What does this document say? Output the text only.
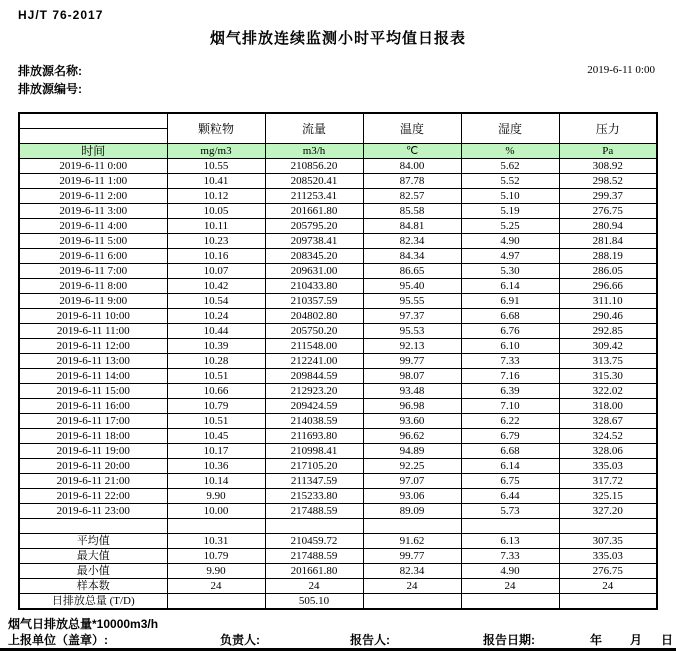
HJ/T 76-2017
烟气排放连续监测小时平均值日报表
排放源名称:
排放源编号:
2019-6-11 0:00
	颗粒物	流量	温度	湿度	压力

时间	mg/m3	m3/h	℃	%	Pa
2019-6-11 0:00	10.55	210856.20	84.00	5.62	308.92
2019-6-11 1:00	10.41	208520.41	87.78	5.52	298.52
2019-6-11 2:00	10.12	211253.41	82.57	5.10	299.37
2019-6-11 3:00	10.05	201661.80	85.58	5.19	276.75
2019-6-11 4:00	10.11	205795.20	84.81	5.25	280.94
2019-6-11 5:00	10.23	209738.41	82.34	4.90	281.84
2019-6-11 6:00	10.16	208345.20	84.34	4.97	288.19
2019-6-11 7:00	10.07	209631.00	86.65	5.30	286.05
2019-6-11 8:00	10.42	210433.80	95.40	6.14	296.66
2019-6-11 9:00	10.54	210357.59	95.55	6.91	311.10
2019-6-11 10:00	10.24	204802.80	97.37	6.68	290.46
2019-6-11 11:00	10.44	205750.20	95.53	6.76	292.85
2019-6-11 12:00	10.39	211548.00	92.13	6.10	309.42
2019-6-11 13:00	10.28	212241.00	99.77	7.33	313.75
2019-6-11 14:00	10.51	209844.59	98.07	7.16	315.30
2019-6-11 15:00	10.66	212923.20	93.48	6.39	322.02
2019-6-11 16:00	10.79	209424.59	96.98	7.10	318.00
2019-6-11 17:00	10.51	214038.59	93.60	6.22	328.67
2019-6-11 18:00	10.45	211693.80	96.62	6.79	324.52
2019-6-11 19:00	10.17	210998.41	94.89	6.68	328.06
2019-6-11 20:00	10.36	217105.20	92.25	6.14	335.03
2019-6-11 21:00	10.14	211347.59	97.07	6.75	317.72
2019-6-11 22:00	9.90	215233.80	93.06	6.44	325.15
2019-6-11 23:00	10.00	217488.59	89.09	5.73	327.20

平均值	10.31	210459.72	91.62	6.13	307.35
最大值	10.79	217488.59	99.77	7.33	335.03
最小值	9.90	201661.80	82.34	4.90	276.75
样本数	24	24	24	24	24
日排放总量 (T/D)		505.10			
烟气日排放总量*10000m3/h
上报单位（盖章）:	负责人:	报告人:	报告日期:	年 月 日
